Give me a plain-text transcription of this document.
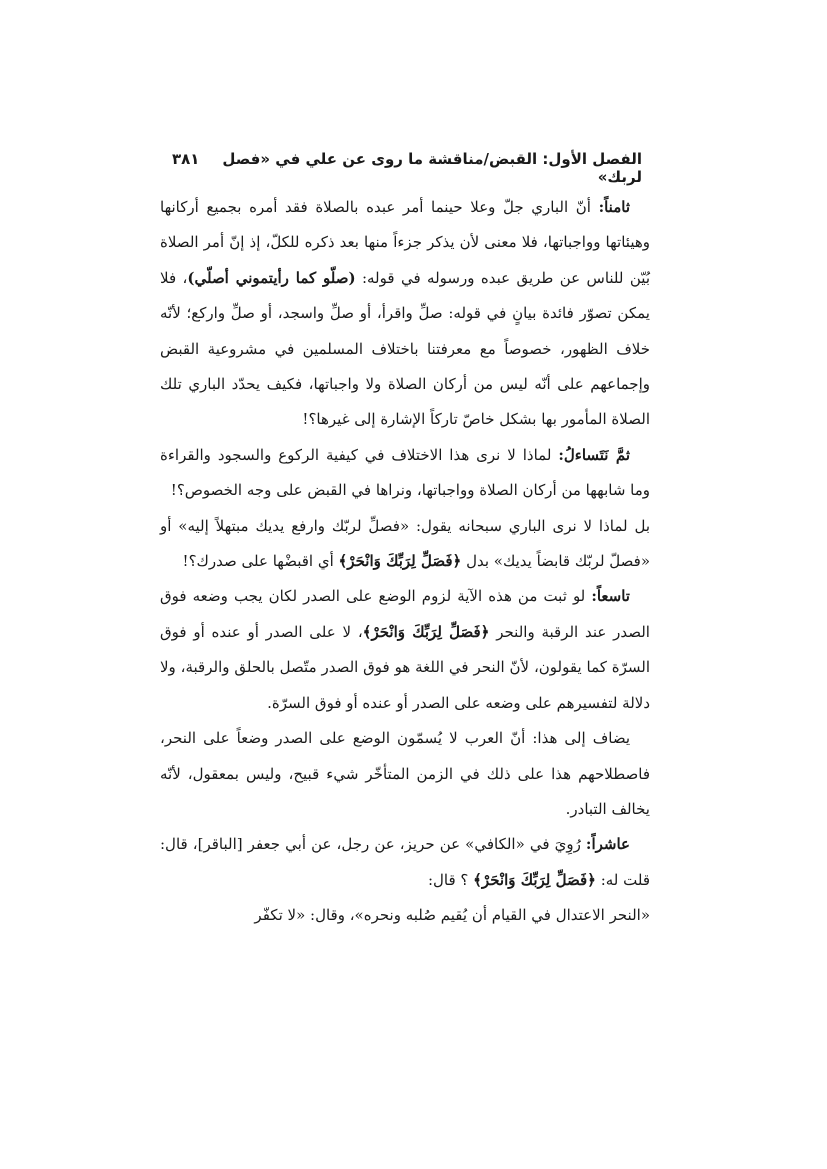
الفصل الأول: القبض/مناقشة ما روى عن علي في «فصل لربك»
٣٨١

ثامناً: أنّ الباري جلّ وعلا حينما أمر عبده بالصلاة فقد أمره بجميع أركانها وهيئاتها وواجباتها، فلا معنى لأن يذكر جزءاً منها بعد ذكره للكلّ، إذ إنّ أمر الصلاة بُيّن للناس عن طريق عبده ورسوله في قوله: (صلّو كما رأيتموني أصلّي)، فلا يمكن تصوّر فائدة بيانٍ في قوله: صلِّ واقرأ، أو صلِّ واسجد، أو صلِّ واركع؛ لأنّه خلاف الظهور، خصوصاً مع معرفتنا باختلاف المسلمين في مشروعية القبض وإجماعهم على أنّه ليس من أركان الصلاة ولا واجباتها، فكيف يحدّد الباري تلك الصلاة المأمور بها بشكل خاصّ تاركاً الإشارة إلى غيرها؟!

ثمَّ نَتَساءلُ: لماذا لا نرى هذا الاختلاف في كيفية الركوع والسجود والقراءة وما شابهها من أركان الصلاة وواجباتها، ونراها في القبض على وجه الخصوص؟!

بل لماذا لا نرى الباري سبحانه يقول: «فصلِّ لربّك وارفع يديك مبتهلاً إليه» أو «فصلّ لربّك قابضاً يديك» بدل ﴿فَصَلِّ لِرَبِّكَ وَانْحَرْ﴾ أي اقبضْها على صدرك؟!

تاسعاً: لو ثبت من هذه الآية لزوم الوضع على الصدر لكان يجب وضعه فوق الصدر عند الرقبة والنحر ﴿فَصَلِّ لِرَبِّكَ وَانْحَرْ﴾، لا على الصدر أو عنده أو فوق السرّة كما يقولون، لأنّ النحر في اللغة هو فوق الصدر متّصل بالحلق والرقبة، ولا دلالة لتفسيرهم على وضعه على الصدر أو عنده أو فوق السرّة.

يضاف إلى هذا: أنّ العرب لا يُسمّون الوضع على الصدر وضعاً على النحر، فاصطلاحهم هذا على ذلك في الزمن المتأخّر شيء قبيح، وليس بمعقول، لأنّه يخالف التبادر.

عاشراً: رُوِيَ في «الكافي» عن حريز، عن رجل، عن أبي جعفر [الباقر]، قال: قلت له: ﴿فَصَلِّ لِرَبِّكَ وَانْحَرْ﴾ ؟ قال:

«النحر الاعتدال في القيام أن يُقيم صُلبه ونحره»، وقال: «لا تكفّر
